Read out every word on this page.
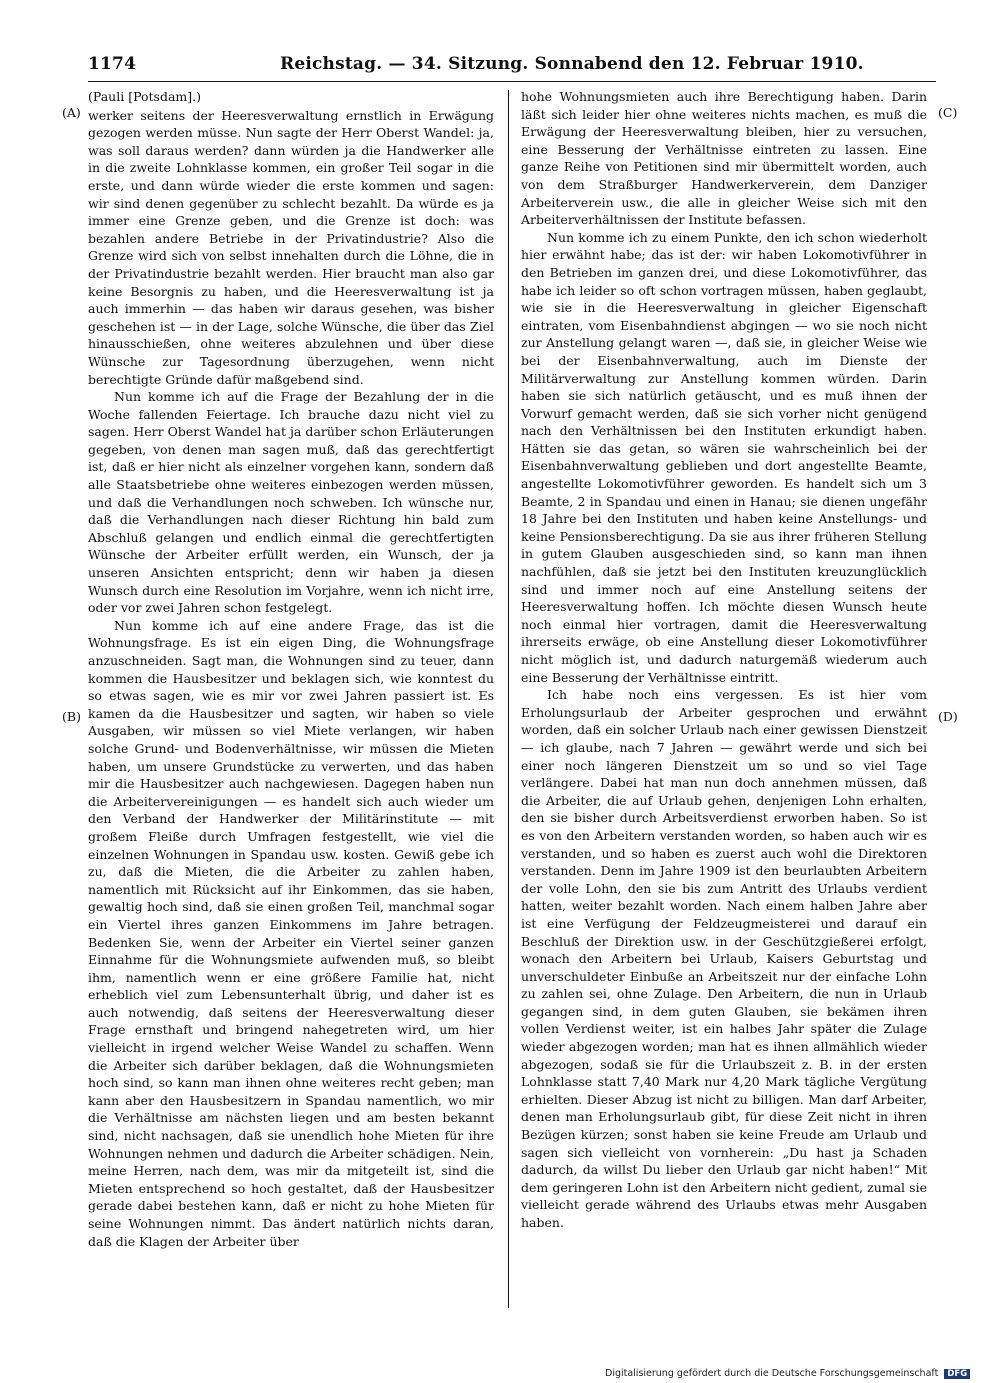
1174	Reichstag. — 34. Sitzung. Sonnabend den 12. Februar 1910.
(A)
(B)
(C)
(D)
(Pauli [Potsdam].)

werker seitens der Heeresverwaltung ernstlich in Erwägung gezogen werden müsse. Nun sagte der Herr Oberst Wandel: ja, was soll daraus werden? dann würden ja die Handwerker alle in die zweite Lohnklasse kommen, ein großer Teil sogar in die erste, und dann würde wieder die erste kommen und sagen: wir sind denen gegenüber zu schlecht bezahlt. Da würde es ja immer eine Grenze geben, und die Grenze ist doch: was bezahlen andere Betriebe in der Privatindustrie? Also die Grenze wird sich von selbst innehalten durch die Löhne, die in der Privatindustrie bezahlt werden. Hier braucht man also gar keine Besorgnis zu haben, und die Heeresverwaltung ist ja auch immerhin — das haben wir daraus gesehen, was bisher geschehen ist — in der Lage, solche Wünsche, die über das Ziel hinausschießen, ohne weiteres abzulehnen und über diese Wünsche zur Tagesordnung überzugehen, wenn nicht berechtigte Gründe dafür maßgebend sind.

Nun komme ich auf die Frage der Bezahlung der in die Woche fallenden Feiertage. Ich brauche dazu nicht viel zu sagen. Herr Oberst Wandel hat ja darüber schon Erläuterungen gegeben, von denen man sagen muß, daß das gerechtfertigt ist, daß er hier nicht als einzelner vorgehen kann, sondern daß alle Staatsbetriebe ohne weiteres einbezogen werden müssen, und daß die Verhandlungen noch schweben. Ich wünsche nur, daß die Verhandlungen nach dieser Richtung hin bald zum Abschluß gelangen und endlich einmal die gerechtfertigten Wünsche der Arbeiter erfüllt werden, ein Wunsch, der ja unseren Ansichten entspricht; denn wir haben ja diesen Wunsch durch eine Resolution im Vorjahre, wenn ich nicht irre, oder vor zwei Jahren schon festgelegt.

Nun komme ich auf eine andere Frage, das ist die Wohnungsfrage. Es ist ein eigen Ding, die Wohnungsfrage anzuschneiden. Sagt man, die Wohnungen sind zu teuer, dann kommen die Hausbesitzer und beklagen sich, wie konntest du so etwas sagen, wie es mir vor zwei Jahren passiert ist. Es kamen da die Hausbesitzer und sagten, wir haben so viele Ausgaben, wir müssen so viel Miete verlangen, wir haben solche Grund- und Bodenverhältnisse, wir müssen die Mieten haben, um unsere Grundstücke zu verwerten, und das haben mir die Hausbesitzer auch nachgewiesen. Dagegen haben nun die Arbeitervereinigungen — es handelt sich auch wieder um den Verband der Handwerker der Militärinstitute — mit großem Fleiße durch Umfragen festgestellt, wie viel die einzelnen Wohnungen in Spandau usw. kosten. Gewiß gebe ich zu, daß die Mieten, die die Arbeiter zu zahlen haben, namentlich mit Rücksicht auf ihr Einkommen, das sie haben, gewaltig hoch sind, daß sie einen großen Teil, manchmal sogar ein Viertel ihres ganzen Einkommens im Jahre betragen. Bedenken Sie, wenn der Arbeiter ein Viertel seiner ganzen Einnahme für die Wohnungsmiete aufwenden muß, so bleibt ihm, namentlich wenn er eine größere Familie hat, nicht erheblich viel zum Lebensunterhalt übrig, und daher ist es auch notwendig, daß seitens der Heeresverwaltung dieser Frage ernsthaft und bringend nahegetreten wird, um hier vielleicht in irgend welcher Weise Wandel zu schaffen. Wenn die Arbeiter sich darüber beklagen, daß die Wohnungsmieten hoch sind, so kann man ihnen ohne weiteres recht geben; man kann aber den Hausbesitzern in Spandau namentlich, wo mir die Verhältnisse am nächsten liegen und am besten bekannt sind, nicht nachsagen, daß sie unendlich hohe Mieten für ihre Wohnungen nehmen und dadurch die Arbeiter schädigen. Nein, meine Herren, nach dem, was mir da mitgeteilt ist, sind die Mieten entsprechend so hoch gestaltet, daß der Hausbesitzer gerade dabei bestehen kann, daß er nicht zu hohe Mieten für seine Wohnungen nimmt. Das ändert natürlich nichts daran, daß die Klagen der Arbeiter über

hohe Wohnungsmieten auch ihre Berechtigung haben. Darin läßt sich leider hier ohne weiteres nichts machen, es muß die Erwägung der Heeresverwaltung bleiben, hier zu versuchen, eine Besserung der Verhältnisse eintreten zu lassen. Eine ganze Reihe von Petitionen sind mir übermittelt worden, auch von dem Straßburger Handwerkerverein, dem Danziger Arbeiterverein usw., die alle in gleicher Weise sich mit den Arbeiterverhältnissen der Institute befassen.

Nun komme ich zu einem Punkte, den ich schon wiederholt hier erwähnt habe; das ist der: wir haben Lokomotivführer in den Betrieben im ganzen drei, und diese Lokomotivführer, das habe ich leider so oft schon vortragen müssen, haben geglaubt, wie sie in die Heeresverwaltung in gleicher Eigenschaft eintraten, vom Eisenbahndienst abgingen — wo sie noch nicht zur Anstellung gelangt waren —, daß sie, in gleicher Weise wie bei der Eisenbahnverwaltung, auch im Dienste der Militärverwaltung zur Anstellung kommen würden. Darin haben sie sich natürlich getäuscht, und es muß ihnen der Vorwurf gemacht werden, daß sie sich vorher nicht genügend nach den Verhältnissen bei den Instituten erkundigt haben. Hätten sie das getan, so wären sie wahrscheinlich bei der Eisenbahnverwaltung geblieben und dort angestellte Beamte, angestellte Lokomotivführer geworden. Es handelt sich um 3 Beamte, 2 in Spandau und einen in Hanau; sie dienen ungefähr 18 Jahre bei den Instituten und haben keine Anstellungs- und keine Pensionsberechtigung. Da sie aus ihrer früheren Stellung in gutem Glauben ausgeschieden sind, so kann man ihnen nachfühlen, daß sie jetzt bei den Instituten kreuzunglücklich sind und immer noch auf eine Anstellung seitens der Heeresverwaltung hoffen. Ich möchte diesen Wunsch heute noch einmal hier vortragen, damit die Heeresverwaltung ihrerseits erwäge, ob eine Anstellung dieser Lokomotivführer nicht möglich ist, und dadurch naturgemäß wiederum auch eine Besserung der Verhältnisse eintritt.

Ich habe noch eins vergessen. Es ist hier vom Erholungsurlaub der Arbeiter gesprochen und erwähnt worden, daß ein solcher Urlaub nach einer gewissen Dienstzeit — ich glaube, nach 7 Jahren — gewährt werde und sich bei einer noch längeren Dienstzeit um so und so viel Tage verlängere. Dabei hat man nun doch annehmen müssen, daß die Arbeiter, die auf Urlaub gehen, denjenigen Lohn erhalten, den sie bisher durch Arbeitsverdienst erworben haben. So ist es von den Arbeitern verstanden worden, so haben auch wir es verstanden, und so haben es zuerst auch wohl die Direktoren verstanden. Denn im Jahre 1909 ist den beurlaubten Arbeitern der volle Lohn, den sie bis zum Antritt des Urlaubs verdient hatten, weiter bezahlt worden. Nach einem halben Jahre aber ist eine Verfügung der Feldzeugmeisterei und darauf ein Beschluß der Direktion usw. in der Geschützgießerei erfolgt, wonach den Arbeitern bei Urlaub, Kaisers Geburtstag und unverschuldeter Einbuße an Arbeitszeit nur der einfache Lohn zu zahlen sei, ohne Zulage. Den Arbeitern, die nun in Urlaub gegangen sind, in dem guten Glauben, sie bekämen ihren vollen Verdienst weiter, ist ein halbes Jahr später die Zulage wieder abgezogen worden; man hat es ihnen allmählich wieder abgezogen, sodaß sie für die Urlaubszeit z. B. in der ersten Lohnklasse statt 7,40 Mark nur 4,20 Mark tägliche Vergütung erhielten. Dieser Abzug ist nicht zu billigen. Man darf Arbeiter, denen man Erholungsurlaub gibt, für diese Zeit nicht in ihren Bezügen kürzen; sonst haben sie keine Freude am Urlaub und sagen sich vielleicht von vornherein: „Du hast ja Schaden dadurch, da willst Du lieber den Urlaub gar nicht haben!“ Mit dem geringeren Lohn ist den Arbeitern nicht gedient, zumal sie vielleicht gerade während des Urlaubs etwas mehr Ausgaben haben.

Digitalisierung gefördert durch die Deutsche Forschungsgemeinschaft DFG
